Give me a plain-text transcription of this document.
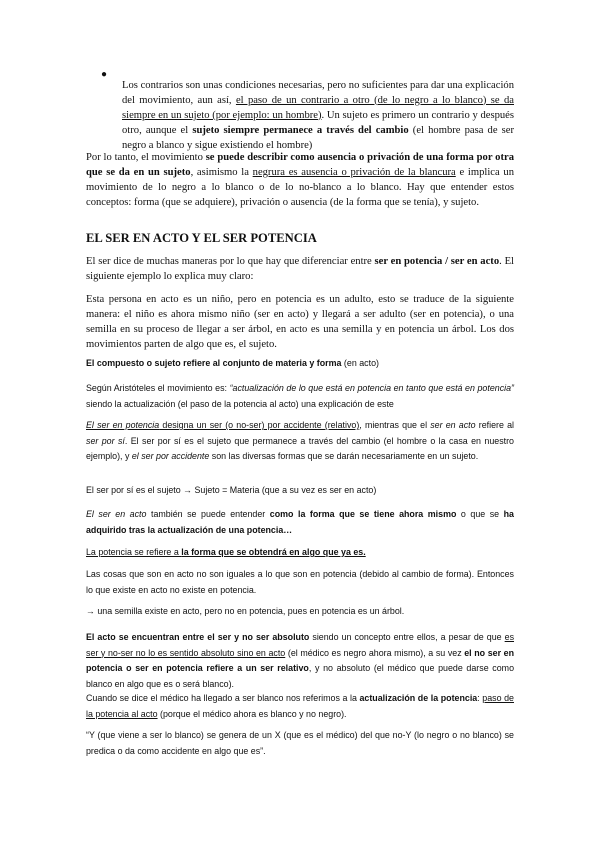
●

Los contrarios son unas condiciones necesarias, pero no suficientes para dar una explicación del movimiento, aun así, el paso de un contrario a otro (de lo negro a lo blanco) se da siempre en un sujeto (por ejemplo: un hombre). Un sujeto es primero un contrario y después otro, aunque el sujeto siempre permanece a través del cambio (el hombre pasa de ser negro a blanco y sigue existiendo el hombre)

Por lo tanto, el movimiento se puede describir como ausencia o privación de una forma por otra que se da en un sujeto, asimismo la negrura es ausencia o privación de la blancura e implica un movimiento de lo negro a lo blanco o de lo no-blanco a lo blanco. Hay que entender estos conceptos: forma (que se adquiere), privación o ausencia (de la forma que se tenía), y sujeto.

EL SER EN ACTO Y EL SER POTENCIA

El ser dice de muchas maneras por lo que hay que diferenciar entre ser en potencia / ser en acto. El siguiente ejemplo lo explica muy claro:

Esta persona en acto es un niño, pero en potencia es un adulto, esto se traduce de la siguiente manera: el niño es ahora mismo niño (ser en acto) y llegará a ser adulto (ser en potencia), o una semilla en su proceso de llegar a ser árbol, en acto es una semilla y en potencia un árbol. Los dos movimientos parten de algo que es, el sujeto.

El compuesto o sujeto refiere al conjunto de materia y forma (en acto)

Según Aristóteles el movimiento es: “actualización de lo que está en potencia en tanto que está en potencia” siendo la actualización (el paso de la potencia al acto) una explicación de este

El ser en potencia designa un ser (o no-ser) por accidente (relativo), mientras que el ser en acto refiere al ser por sí. El ser por sí es el sujeto que permanece a través del cambio (el hombre o la casa en nuestro ejemplo), y el ser por accidente son las diversas formas que se darán necesariamente en un sujeto.

El ser por sí es el sujeto → Sujeto = Materia (que a su vez es ser en acto)

El ser en acto también se puede entender como la forma que se tiene ahora mismo o que se ha adquirido tras la actualización de una potencia…

La potencia se refiere a la forma que se obtendrá en algo que ya es.

Las cosas que son en acto no son iguales a lo que son en potencia (debido al cambio de forma). Entonces lo que existe en acto no existe en potencia.

→ una semilla existe en acto, pero no en potencia, pues en potencia es un árbol.

El acto se encuentran entre el ser y no ser absoluto siendo un concepto entre ellos, a pesar de que es ser y no-ser no lo es sentido absoluto sino en acto (el médico es negro ahora mismo), a su vez el no ser en potencia o ser en potencia refiere a un ser relativo, y no absoluto (el médico que puede darse como blanco en algo que es o será blanco).

Cuando se dice el médico ha llegado a ser blanco nos referimos a la actualización de la potencia: paso de la potencia al acto (porque el médico ahora es blanco y no negro).

“Y (que viene a ser lo blanco) se genera de un X (que es el médico) del que no-Y (lo negro o no blanco) se predica o da como accidente en algo que es”.
